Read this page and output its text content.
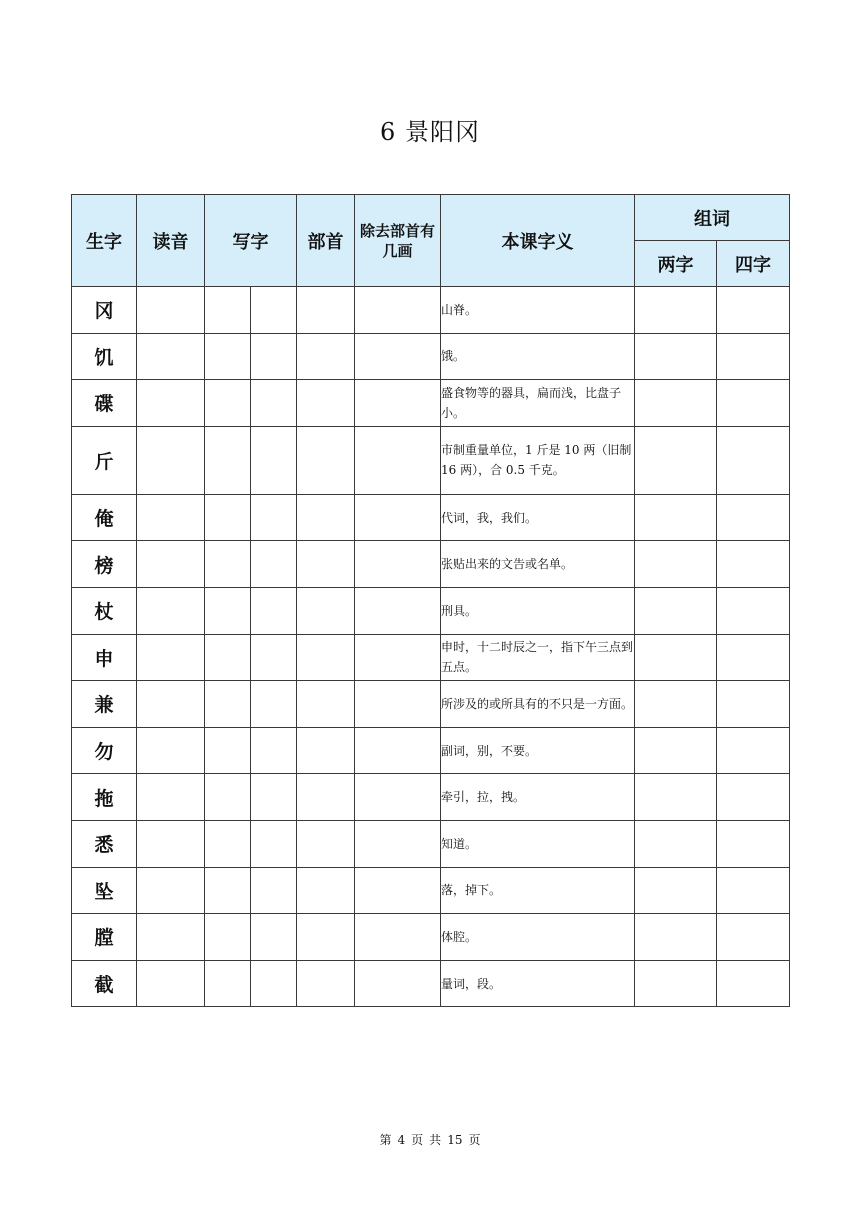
6 景阳冈
生字	读音	写字		部首	除去部首有几画	本课字义	组词	
							两字	四字
冈						山脊。		
饥						饿。		
碟						盛食物等的器具，扁而浅，比盘子小。		
斤						市制重量单位，1 斤是 10 两（旧制 16 两），合 0.5 千克。		
俺						代词，我，我们。		
榜						张贴出来的文告或名单。		
杖						刑具。		
申						申时，十二时辰之一，指下午三点到五点。		
兼						所涉及的或所具有的不只是一方面。		
勿						副词，别，不要。		
拖						牵引，拉，拽。		
悉						知道。		
坠						落，掉下。		
膛						体腔。		
截						量词，段。		
第 4 页 共 15 页
